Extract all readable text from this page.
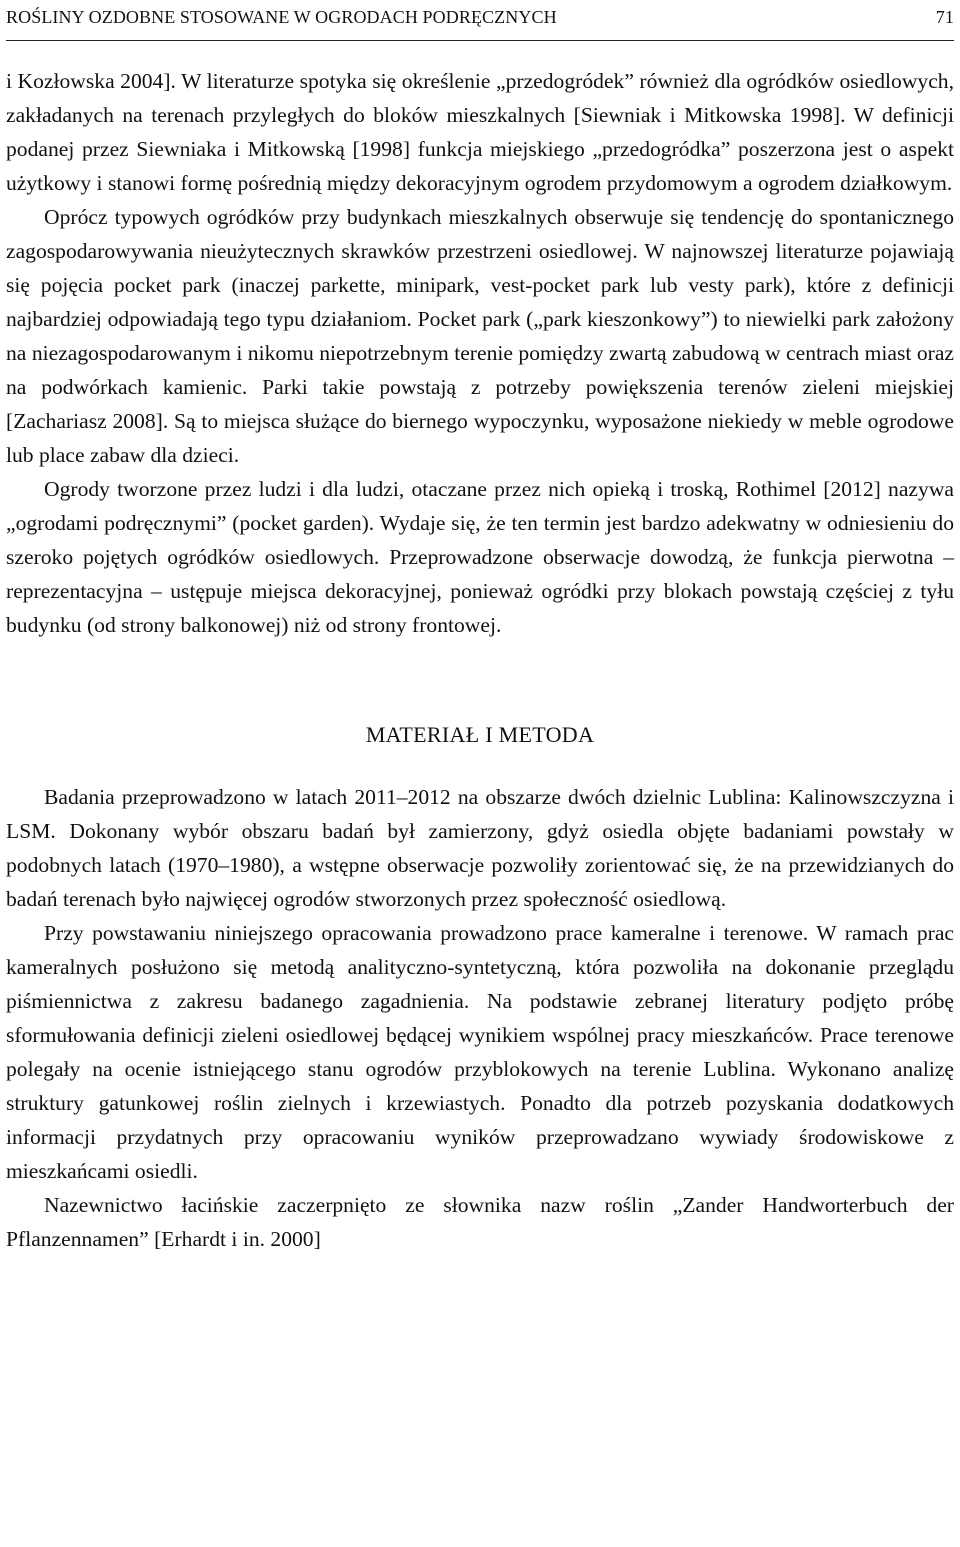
ROŚLINY OZDOBNE STOSOWANE W OGRODACH PODRĘCZNYCH	71

i Kozłowska 2004]. W literaturze spotyka się określenie „przedogródek” również dla ogródków osiedlowych, zakładanych na terenach przyległych do bloków mieszkalnych [Siewniak i Mitkowska 1998]. W definicji podanej przez Siewniaka i Mitkowską [1998] funkcja miejskiego „przedogródka” poszerzona jest o aspekt użytkowy i stanowi formę pośrednią między dekoracyjnym ogrodem przydomowym a ogrodem działkowym.

Oprócz typowych ogródków przy budynkach mieszkalnych obserwuje się tendencję do spontanicznego zagospodarowywania nieużytecznych skrawków przestrzeni osiedlowej. W najnowszej literaturze pojawiają się pojęcia pocket park (inaczej parkette, minipark, vest-pocket park lub vesty park), które z definicji najbardziej odpowiadają tego typu działaniom. Pocket park („park kieszonkowy”) to niewielki park założony na niezagospodarowanym i nikomu niepotrzebnym terenie pomiędzy zwartą zabudową w centrach miast oraz na podwórkach kamienic. Parki takie powstają z potrzeby powiększenia terenów zieleni miejskiej [Zachariasz 2008]. Są to miejsca służące do biernego wypoczynku, wyposażone niekiedy w meble ogrodowe lub place zabaw dla dzieci.

Ogrody tworzone przez ludzi i dla ludzi, otaczane przez nich opieką i troską, Rothimel [2012] nazywa „ogrodami podręcznymi” (pocket garden). Wydaje się, że ten termin jest bardzo adekwatny w odniesieniu do szeroko pojętych ogródków osiedlowych. Przeprowadzone obserwacje dowodzą, że funkcja pierwotna – reprezentacyjna – ustępuje miejsca dekoracyjnej, ponieważ ogródki przy blokach powstają częściej z tyłu budynku (od strony balkonowej) niż od strony frontowej.

MATERIAŁ I METODA

Badania przeprowadzono w latach 2011–2012 na obszarze dwóch dzielnic Lublina: Kalinowszczyzna i LSM. Dokonany wybór obszaru badań był zamierzony, gdyż osiedla objęte badaniami powstały w podobnych latach (1970–1980), a wstępne obserwacje pozwoliły zorientować się, że na przewidzianych do badań terenach było najwięcej ogrodów stworzonych przez społeczność osiedlową.

Przy powstawaniu niniejszego opracowania prowadzono prace kameralne i terenowe. W ramach prac kameralnych posłużono się metodą analityczno-syntetyczną, która pozwoliła na dokonanie przeglądu piśmiennictwa z zakresu badanego zagadnienia. Na podstawie zebranej literatury podjęto próbę sformułowania definicji zieleni osiedlowej będącej wynikiem wspólnej pracy mieszkańców. Prace terenowe polegały na ocenie istniejącego stanu ogrodów przyblokowych na terenie Lublina. Wykonano analizę struktury gatunkowej roślin zielnych i krzewiastych. Ponadto dla potrzeb pozyskania dodatkowych informacji przydatnych przy opracowaniu wyników przeprowadzano wywiady środowiskowe z mieszkańcami osiedli.

Nazewnictwo łacińskie zaczerpnięto ze słownika nazw roślin „Zander Handworterbuch der Pflanzennamen” [Erhardt i in. 2000]
